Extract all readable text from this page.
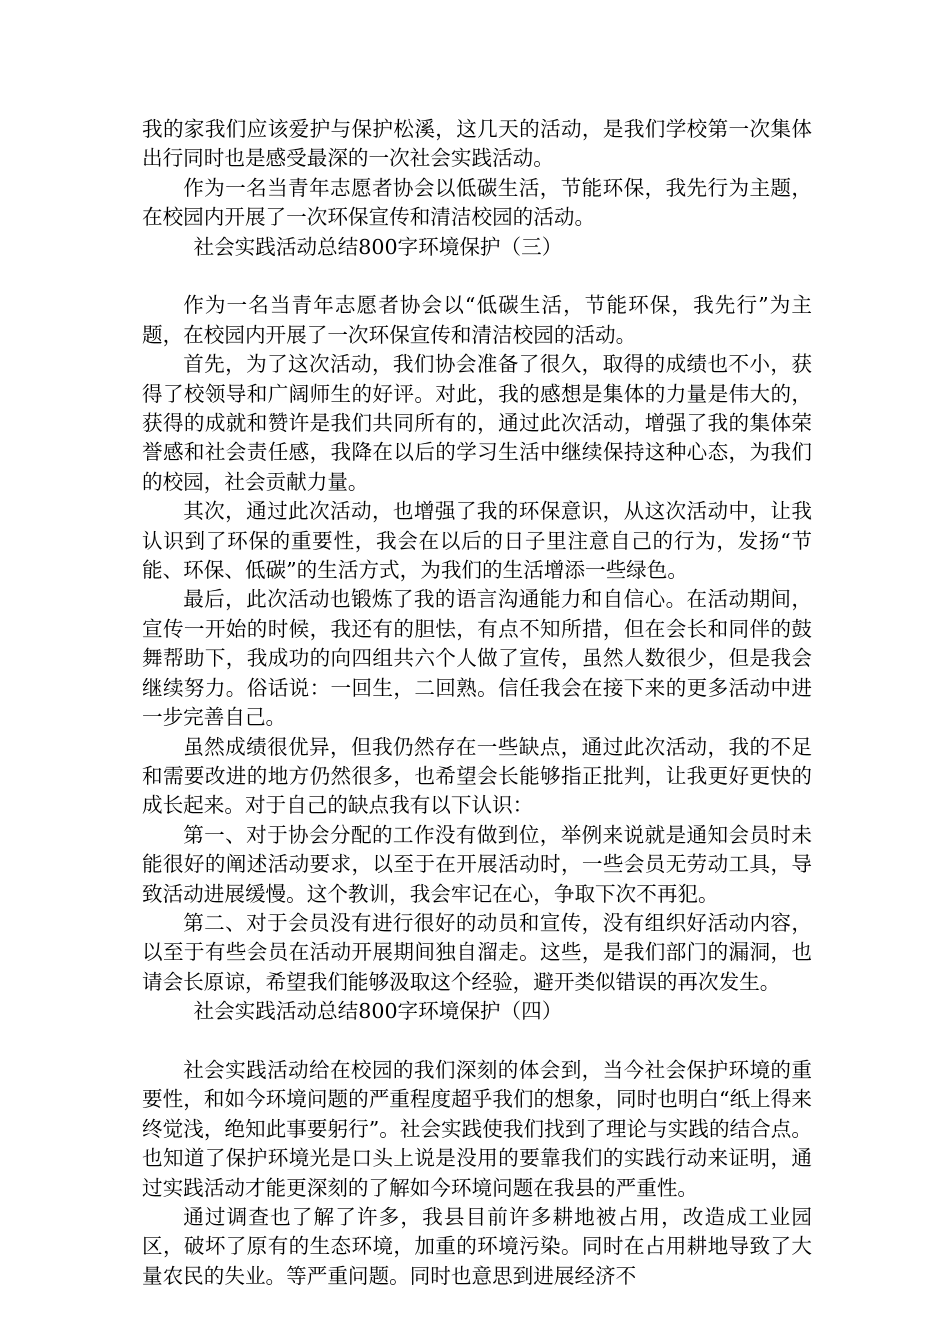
我的家我们应该爱护与保护松溪，这几天的活动，是我们学校第一次集体出行同时也是感受最深的一次社会实践活动。

作为一名当青年志愿者协会以低碳生活，节能环保，我先行为主题，在校园内开展了一次环保宣传和清洁校园的活动。

社会实践活动总结800字环境保护（三）

作为一名当青年志愿者协会以“低碳生活，节能环保，我先行”为主题，在校园内开展了一次环保宣传和清洁校园的活动。

首先，为了这次活动，我们协会准备了很久，取得的成绩也不小，获得了校领导和广阔师生的好评。对此，我的感想是集体的力量是伟大的，获得的成就和赞许是我们共同所有的，通过此次活动，增强了我的集体荣誉感和社会责任感，我降在以后的学习生活中继续保持这种心态，为我们的校园，社会贡献力量。

其次，通过此次活动，也增强了我的环保意识，从这次活动中，让我认识到了环保的重要性，我会在以后的日子里注意自己的行为，发扬“节能、环保、低碳”的生活方式，为我们的生活增添一些绿色。

最后，此次活动也锻炼了我的语言沟通能力和自信心。在活动期间，宣传一开始的时候，我还有的胆怯，有点不知所措，但在会长和同伴的鼓舞帮助下，我成功的向四组共六个人做了宣传，虽然人数很少，但是我会继续努力。俗话说：一回生，二回熟。信任我会在接下来的更多活动中进一步完善自己。

虽然成绩很优异，但我仍然存在一些缺点，通过此次活动，我的不足和需要改进的地方仍然很多，也希望会长能够指正批判，让我更好更快的成长起来。对于自己的缺点我有以下认识：

第一、对于协会分配的工作没有做到位，举例来说就是通知会员时未能很好的阐述活动要求，以至于在开展活动时，一些会员无劳动工具，导致活动进展缓慢。这个教训，我会牢记在心，争取下次不再犯。

第二、对于会员没有进行很好的动员和宣传，没有组织好活动内容，以至于有些会员在活动开展期间独自溜走。这些，是我们部门的漏洞，也请会长原谅，希望我们能够汲取这个经验，避开类似错误的再次发生。

社会实践活动总结800字环境保护（四）

社会实践活动给在校园的我们深刻的体会到，当今社会保护环境的重要性，和如今环境问题的严重程度超乎我们的想象，同时也明白“纸上得来终觉浅，绝知此事要躬行”。社会实践使我们找到了理论与实践的结合点。也知道了保护环境光是口头上说是没用的要靠我们的实践行动来证明，通过实践活动才能更深刻的了解如今环境问题在我县的严重性。

通过调查也了解了许多，我县目前许多耕地被占用，改造成工业园区，破坏了原有的生态环境，加重的环境污染。同时在占用耕地导致了大量农民的失业。等严重问题。同时也意思到进展经济不
